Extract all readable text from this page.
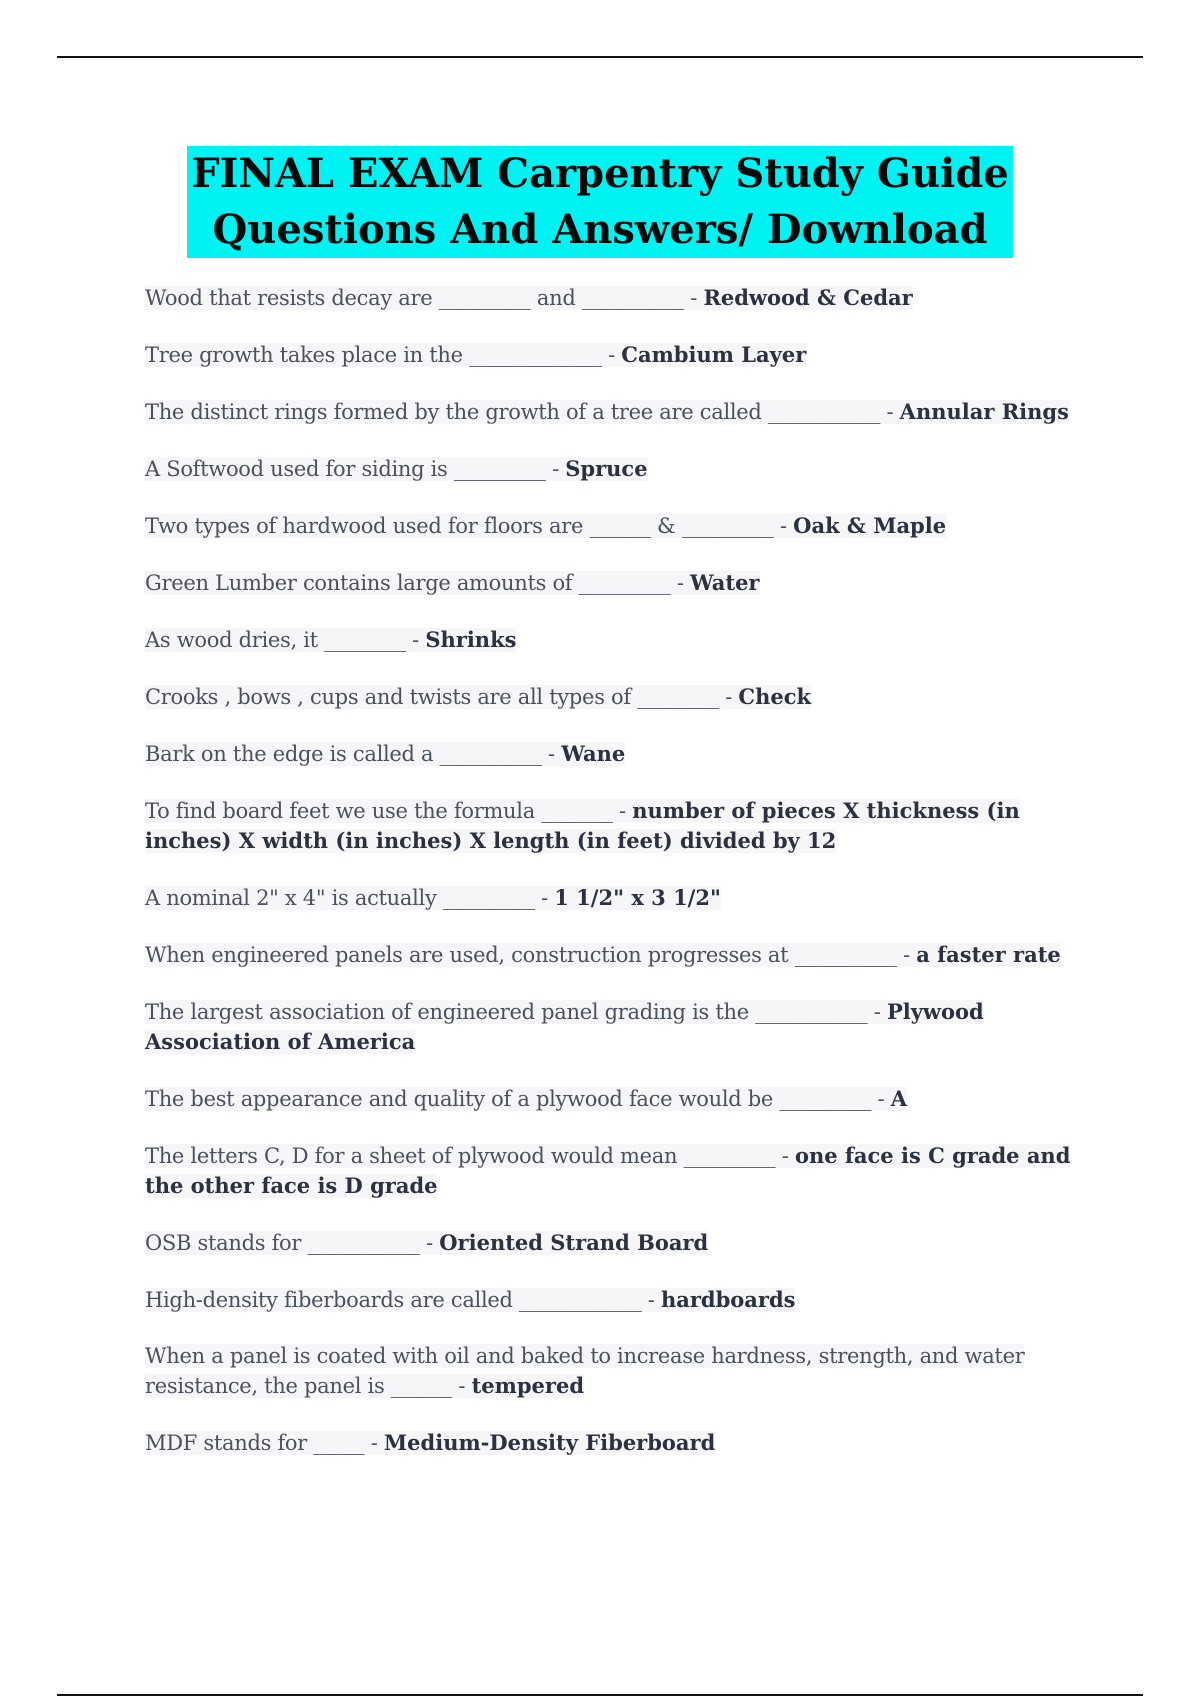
FINAL EXAM Carpentry Study Guide
Questions And Answers/ Download
Wood that resists decay are _________ and __________ - Redwood & Cedar
Tree growth takes place in the _____________ - Cambium Layer
The distinct rings formed by the growth of a tree are called ___________ - Annular Rings
A Softwood used for siding is _________ - Spruce
Two types of hardwood used for floors are ______ & _________ - Oak & Maple
Green Lumber contains large amounts of _________ - Water
As wood dries, it ________ - Shrinks
Crooks , bows , cups and twists are all types of ________ - Check
Bark on the edge is called a __________ - Wane
To find board feet we use the formula _______ - number of pieces X thickness (in inches) X width (in inches) X length (in feet) divided by 12
A nominal 2" x 4" is actually _________ - 1 1/2" x 3 1/2"
When engineered panels are used, construction progresses at __________ - a faster rate
The largest association of engineered panel grading is the ___________ - Plywood Association of America
The best appearance and quality of a plywood face would be _________ - A
The letters C, D for a sheet of plywood would mean _________ - one face is C grade and the other face is D grade
OSB stands for ___________ - Oriented Strand Board
High-density fiberboards are called ____________ - hardboards
When a panel is coated with oil and baked to increase hardness, strength, and water resistance, the panel is ______ - tempered
MDF stands for _____ - Medium-Density Fiberboard
